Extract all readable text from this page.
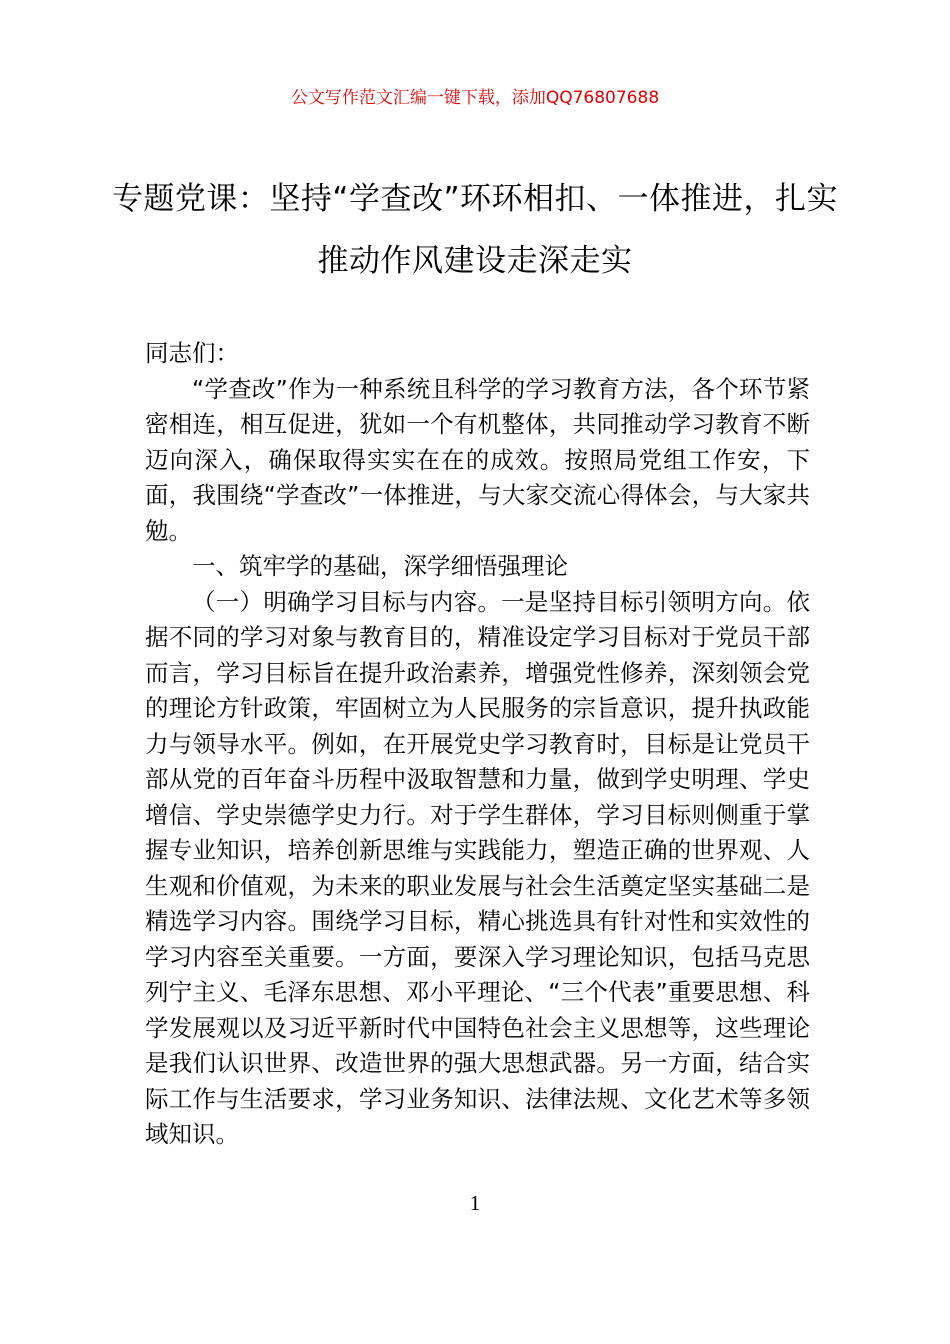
公文写作范文汇编一键下载，添加QQ76807688
专题党课：坚持“学查改”环环相扣、一体推进，扎实推动作风建设走深走实

同志们：

“学查改”作为一种系统且科学的学习教育方法，各个环节紧密相连，相互促进，犹如一个有机整体，共同推动学习教育不断迈向深入，确保取得实实在在的成效。按照局党组工作安，下面，我围绕“学查改”一体推进，与大家交流心得体会，与大家共勉。

一、筑牢学的基础，深学细悟强理论

（一）明确学习目标与内容。一是坚持目标引领明方向。依据不同的学习对象与教育目的，精准设定学习目标对于党员干部而言，学习目标旨在提升政治素养，增强党性修养，深刻领会党的理论方针政策，牢固树立为人民服务的宗旨意识，提升执政能力与领导水平。例如，在开展党史学习教育时，目标是让党员干部从党的百年奋斗历程中汲取智慧和力量，做到学史明理、学史增信、学史崇德学史力行。对于学生群体，学习目标则侧重于掌握专业知识，培养创新思维与实践能力，塑造正确的世界观、人生观和价值观，为未来的职业发展与社会生活奠定坚实基础二是精选学习内容。围绕学习目标，精心挑选具有针对性和实效性的学习内容至关重要。一方面，要深入学习理论知识，包括马克思列宁主义、毛泽东思想、邓小平理论、“三个代表”重要思想、科学发展观以及习近平新时代中国特色社会主义思想等，这些理论是我们认识世界、改造世界的强大思想武器。另一方面，结合实际工作与生活要求，学习业务知识、法律法规、文化艺术等多领域知识。

1
